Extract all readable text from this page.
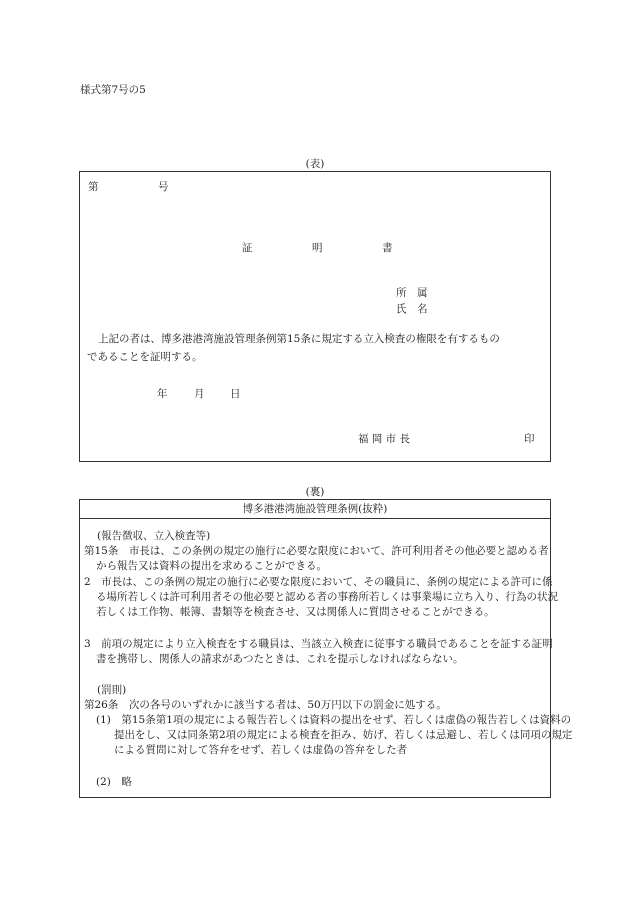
様式第7号の5
(表)
第	号
証	明	書
所　属
氏　名
上記の者は、博多港港湾施設管理条例第15条に規定する立入検査の権限を有するもの
であることを証明する。
年	月 日
福 岡 市 長	印
(裏)
博多港港湾施設管理条例(抜粋)
(報告徴収、立入検査等)
第15条　市長は、この条例の規定の施行に必要な限度において、許可利用者その他必要と認める者から報告又は資料の提出を求めることができる。
2　市長は、この条例の規定の施行に必要な限度において、その職員に、条例の規定による許可に係る場所若しくは許可利用者その他必要と認める者の事務所若しくは事業場に立ち入り、行為の状況若しくは工作物、帳簿、書類等を検査させ、又は関係人に質問させることができる。
3　前項の規定により立入検査をする職員は、当該立入検査に従事する職員であることを証する証明書を携帯し、関係人の請求があつたときは、これを提示しなければならない。
(罰則)
第26条　次の各号のいずれかに該当する者は、50万円以下の罰金に処する。
(1)　第15条第1項の規定による報告若しくは資料の提出をせず、若しくは虚偽の報告若しくは資料の提出をし、又は同条第2項の規定による検査を拒み、妨げ、若しくは忌避し、若しくは同項の規定による質問に対して答弁をせず、若しくは虚偽の答弁をした者
(2)　略
